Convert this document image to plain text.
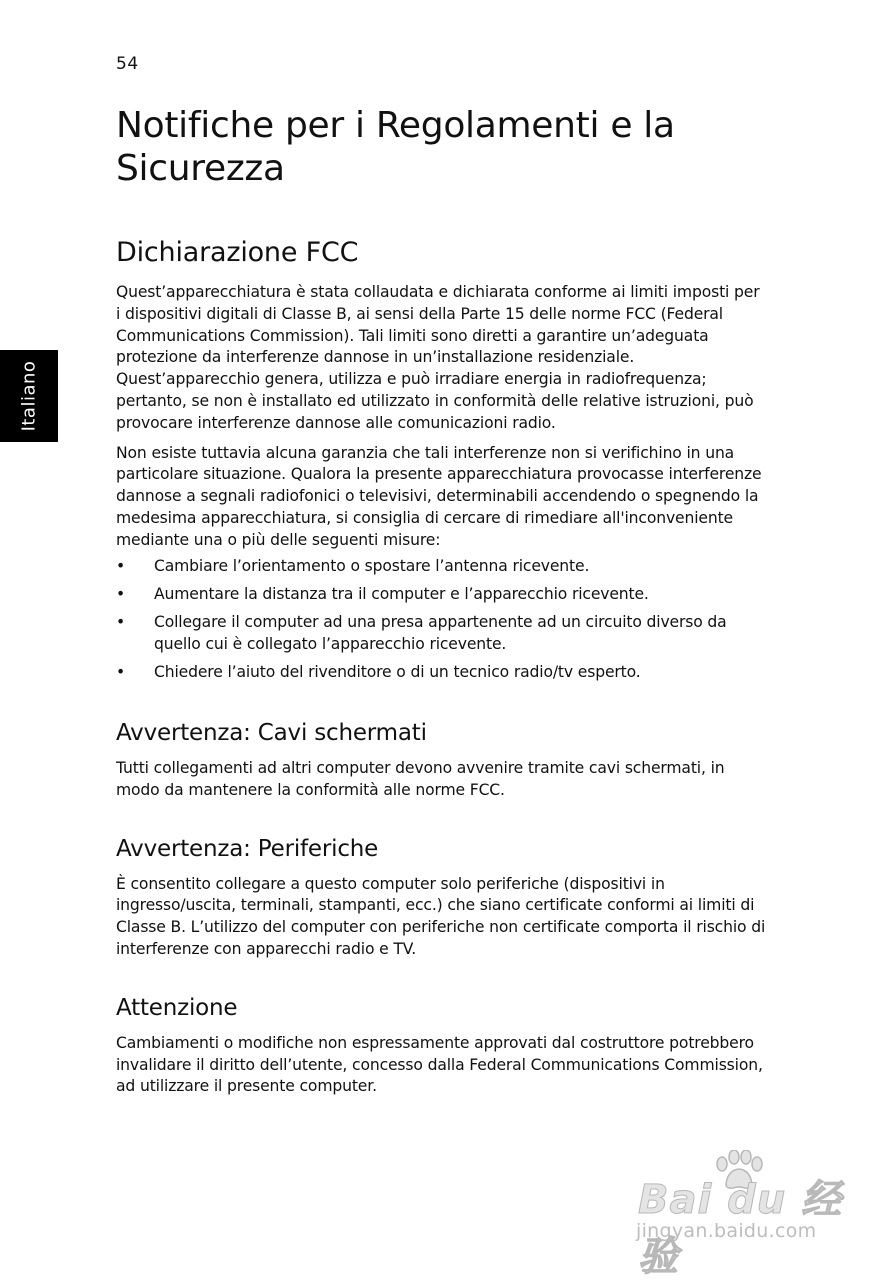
54
Italiano
Notifiche per i Regolamenti e la Sicurezza
Dichiarazione FCC

Quest’apparecchiatura è stata collaudata e dichiarata conforme ai limiti imposti per i dispositivi digitali di Classe B, ai sensi della Parte 15 delle norme FCC (Federal Communications Commission). Tali limiti sono diretti a garantire un’adeguata protezione da interferenze dannose in un’installazione residenziale. Quest’apparecchio genera, utilizza e può irradiare energia in radiofrequenza; pertanto, se non è installato ed utilizzato in conformità delle relative istruzioni, può provocare interferenze dannose alle comunicazioni radio.

Non esiste tuttavia alcuna garanzia che tali interferenze non si verifichino in una particolare situazione. Qualora la presente apparecchiatura provocasse interferenze dannose a segnali radiofonici o televisivi, determinabili accendendo o spegnendo la medesima apparecchiatura, si consiglia di cercare di rimediare all'inconveniente mediante una o più delle seguenti misure:

• Cambiare l’orientamento o spostare l’antenna ricevente.
• Aumentare la distanza tra il computer e l’apparecchio ricevente.
• Collegare il computer ad una presa appartenente ad un circuito diverso da quello cui è collegato l’apparecchio ricevente.
• Chiedere l’aiuto del rivenditore o di un tecnico radio/tv esperto.
Avvertenza: Cavi schermati

Tutti collegamenti ad altri computer devono avvenire tramite cavi schermati, in modo da mantenere la conformità alle norme FCC.

Avvertenza: Periferiche

È consentito collegare a questo computer solo periferiche (dispositivi in ingresso/uscita, terminali, stampanti, ecc.) che siano certificate conformi ai limiti di Classe B. L’utilizzo del computer con periferiche non certificate comporta il rischio di interferenze con apparecchi radio e TV.

Attenzione

Cambiamenti o modifiche non espressamente approvati dal costruttore potrebbero invalidare il diritto dell’utente, concesso dalla Federal Communications Commission, ad utilizzare il presente computer.

Bai du 经验
jingyan.baidu.com
